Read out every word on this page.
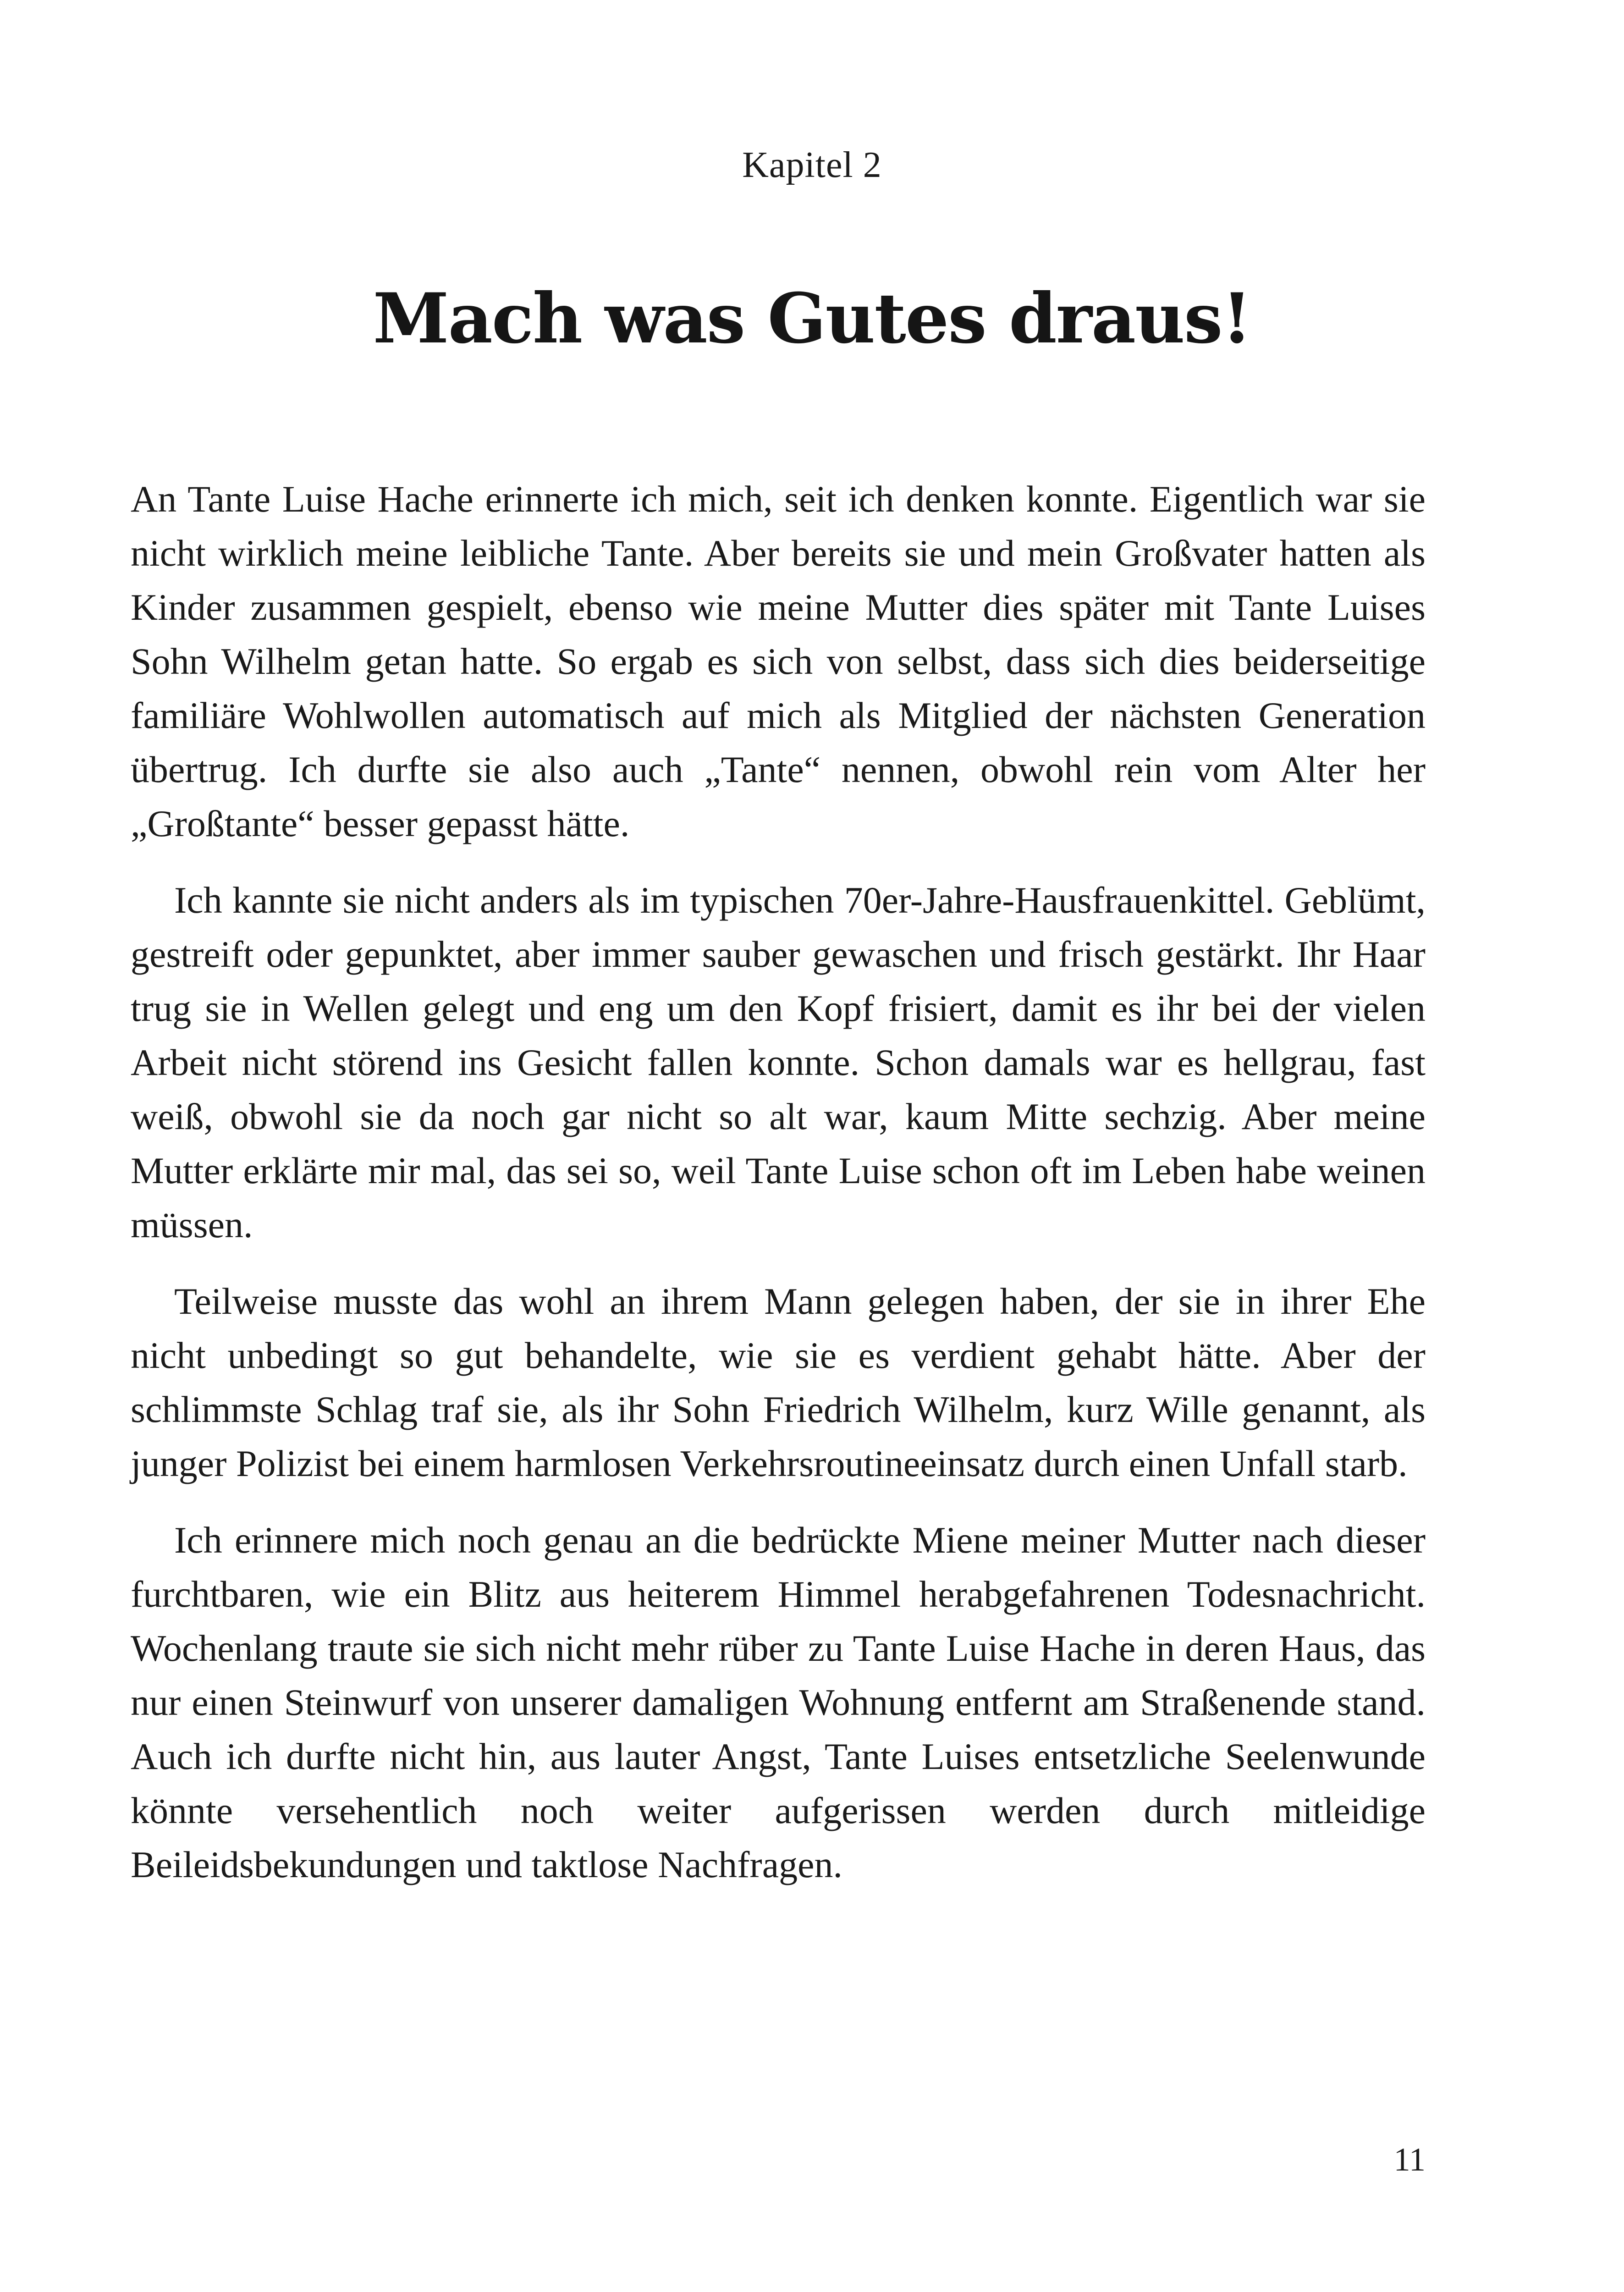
Kapitel 2
Mach was Gutes draus!

An Tante Luise Hache erinnerte ich mich, seit ich denken konnte. Eigentlich war sie nicht wirklich meine leibliche Tante. Aber bereits sie und mein Großvater hatten als Kinder zusammen gespielt, ebenso wie meine Mutter dies später mit Tante Luises Sohn Wilhelm getan hatte. So ergab es sich von selbst, dass sich dies beiderseitige familiäre Wohlwollen automatisch auf mich als Mitglied der nächsten Generation übertrug. Ich durfte sie also auch „Tante“ nennen, obwohl rein vom Alter her „Großtante“ besser gepasst hätte.

Ich kannte sie nicht anders als im typischen 70er-Jahre-Hausfrauenkittel. Geblümt, gestreift oder gepunktet, aber immer sauber gewaschen und frisch gestärkt. Ihr Haar trug sie in Wellen gelegt und eng um den Kopf frisiert, damit es ihr bei der vielen Arbeit nicht störend ins Gesicht fallen konnte. Schon damals war es hellgrau, fast weiß, obwohl sie da noch gar nicht so alt war, kaum Mitte sechzig. Aber meine Mutter erklärte mir mal, das sei so, weil Tante Luise schon oft im Leben habe weinen müssen.

Teilweise musste das wohl an ihrem Mann gelegen haben, der sie in ihrer Ehe nicht unbedingt so gut behandelte, wie sie es verdient gehabt hätte. Aber der schlimmste Schlag traf sie, als ihr Sohn Friedrich Wilhelm, kurz Wille genannt, als junger Polizist bei einem harmlosen Verkehrsroutineeinsatz durch einen Unfall starb.

Ich erinnere mich noch genau an die bedrückte Miene meiner Mutter nach dieser furchtbaren, wie ein Blitz aus heiterem Himmel herabgefahrenen Todesnachricht. Wochenlang traute sie sich nicht mehr rüber zu Tante Luise Hache in deren Haus, das nur einen Steinwurf von unserer damaligen Wohnung entfernt am Straßenende stand. Auch ich durfte nicht hin, aus lauter Angst, Tante Luises entsetzliche Seelenwunde könnte versehentlich noch weiter aufgerissen werden durch mitleidige Beileidsbekundungen und taktlose Nachfragen.

11
